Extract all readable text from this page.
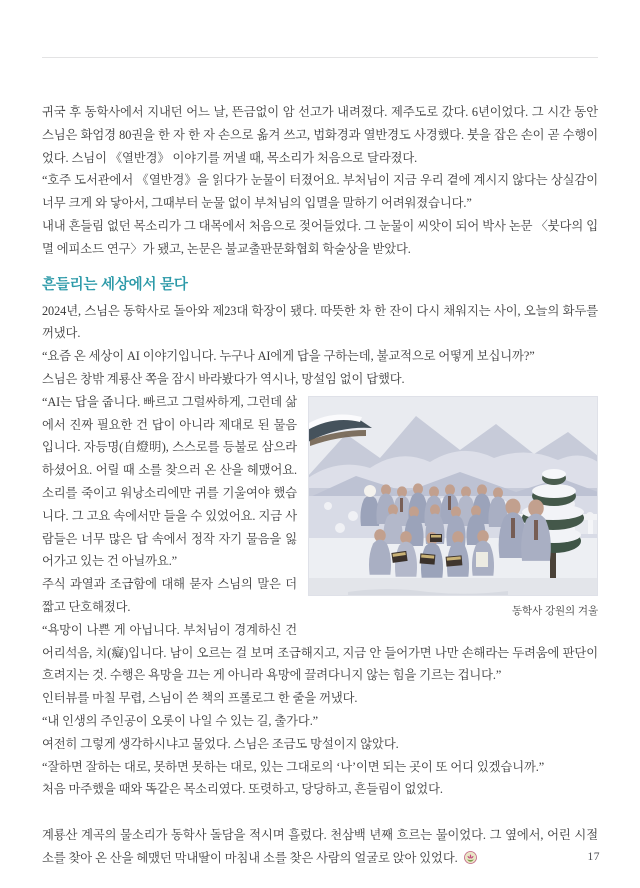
귀국 후 동학사에서 지내던 어느 날, 뜬금없이 암 선고가 내려졌다. 제주도로 갔다. 6년이었다. 그 시간 동안 스님은 화엄경 80권을 한 자 한 자 손으로 옮겨 쓰고, 법화경과 열반경도 사경했다. 붓을 잡은 손이 곧 수행이었다. 스님이 《열반경》 이야기를 꺼낼 때, 목소리가 처음으로 달라졌다.

“호주 도서관에서 《열반경》을 읽다가 눈물이 터졌어요. 부처님이 지금 우리 곁에 계시지 않다는 상실감이 너무 크게 와 닿아서, 그때부터 눈물 없이 부처님의 입멸을 말하기 어려워졌습니다.”

내내 흔들림 없던 목소리가 그 대목에서 처음으로 젖어들었다. 그 눈물이 씨앗이 되어 박사 논문 〈붓다의 입멸 에피소드 연구〉가 됐고, 논문은 불교출판문화협회 학술상을 받았다.

흔들리는 세상에서 묻다

2024년, 스님은 동학사로 돌아와 제23대 학장이 됐다. 따뜻한 차 한 잔이 다시 채워지는 사이, 오늘의 화두를 꺼냈다.

“요즘 온 세상이 AI 이야기입니다. 누구나 AI에게 답을 구하는데, 불교적으로 어떻게 보십니까?”

스님은 창밖 계룡산 쪽을 잠시 바라봤다가 역시나, 망설임 없이 답했다.

동학사 강원의 겨울

“AI는 답을 줍니다. 빠르고 그럴싸하게, 그런데 삶에서 진짜 필요한 건 답이 아니라 제대로 된 물음입니다. 자등명(自燈明), 스스로를 등불로 삼으라 하셨어요. 어릴 때 소를 찾으러 온 산을 헤맸어요. 소리를 죽이고 워낭소리에만 귀를 기울여야 했습니다. 그 고요 속에서만 들을 수 있었어요. 지금 사람들은 너무 많은 답 속에서 정작 자기 물음을 잃어가고 있는 건 아닐까요.”

주식 과열과 조급함에 대해 묻자 스님의 말은 더 짧고 단호해졌다.

“욕망이 나쁜 게 아닙니다. 부처님이 경계하신 건 어리석음, 치(癡)입니다. 남이 오르는 걸 보며 조급해지고, 지금 안 들어가면 나만 손해라는 두려움에 판단이 흐려지는 것. 수행은 욕망을 끄는 게 아니라 욕망에 끌려다니지 않는 힘을 기르는 겁니다.”

인터뷰를 마칠 무렵, 스님이 쓴 책의 프롤로그 한 줄을 꺼냈다.

“내 인생의 주인공이 오롯이 나일 수 있는 길, 출가다.”

여전히 그렇게 생각하시냐고 물었다. 스님은 조금도 망설이지 않았다.

“잘하면 잘하는 대로, 못하면 못하는 대로, 있는 그대로의 ‘나’이면 되는 곳이 또 어디 있겠습니까.”

처음 마주했을 때와 똑같은 목소리였다. 또렷하고, 당당하고, 흔들림이 없었다.

계룡산 계곡의 물소리가 동학사 돌담을 적시며 흘렀다. 천삼백 년째 흐르는 물이었다. 그 옆에서, 어린 시절 소를 찾아 온 산을 헤맸던 막내딸이 마침내 소를 찾은 사람의 얼굴로 앉아 있었다.	17
